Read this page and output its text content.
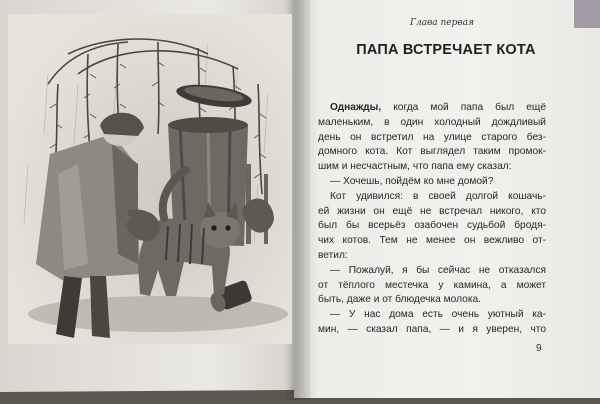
Глава первая
ПАПА ВСТРЕЧАЕТ КОТА
Однажды, когда мой папа был ещё
маленьким, в один холодный дождливый
день он встретил на улице старого без-
домного кота. Кот выглядел таким промок-
шим и несчастным, что папа ему сказал:
— Хочешь, пойдём ко мне домой?
Кот удивился: в своей долгой кошачь-
ей жизни он ещё не встречал никого, кто
был бы всерьёз озабочен судьбой бродя-
чих котов. Тем не менее он вежливо от-
ветил:
— Пожалуй, я бы сейчас не отказался
от тёплого местечка у камина, а может
быть, даже и от блюдечка молока.
— У нас дома есть очень уютный ка-
мин, — сказал папа, — и я уверен, что
9
